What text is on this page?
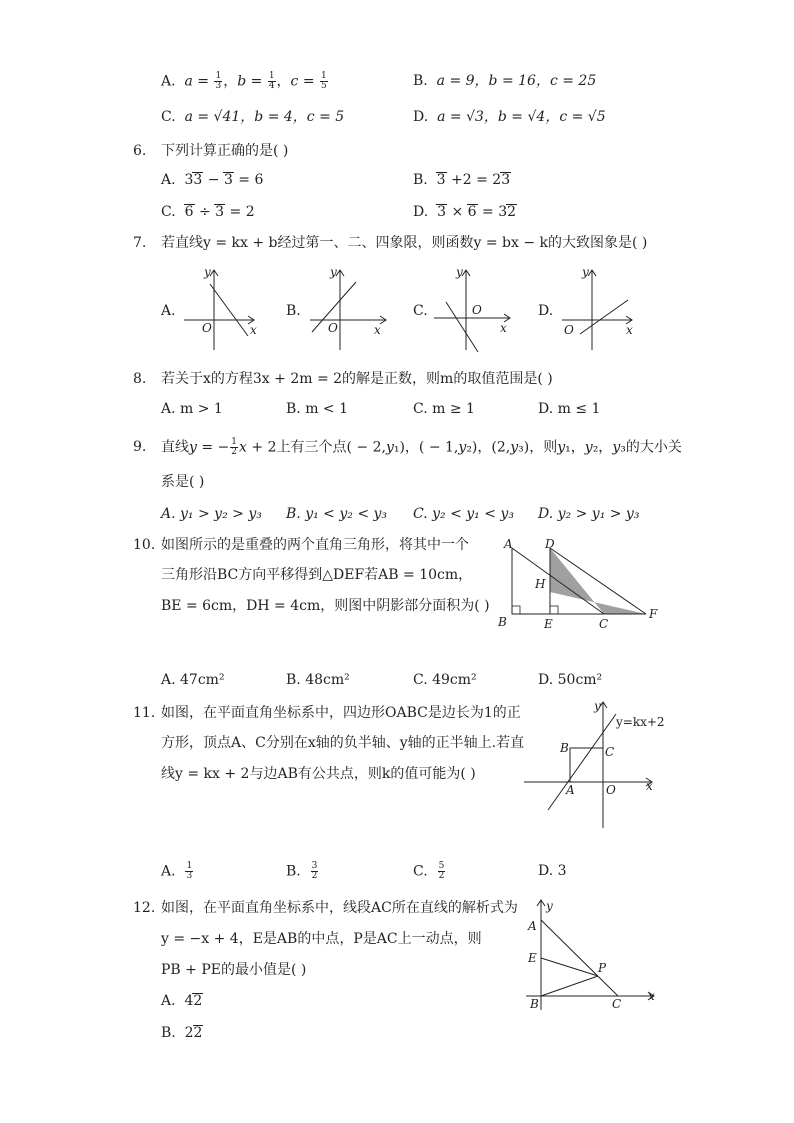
A. $a = \frac{1}{3}$ ，$b = \frac{1}{4}$ ，$c = \frac{1}{5}$	B. a = 9，b = 16，c = 25
C. a = √41，b = 4，c = 5	D. a = √3，b = √4，c = √5
6. 下列计算正确的是( )
A.  33 − 3 = 6	B.  3 +2 = 23
C.  6 ÷ 3 = 2	D.  3 × 6 = 32
7. 若直线y = kx + b经过第一、二、四象限，则函数y = bx − k的大致图象是( )
A.
y
x
O
B.
y
x
O
C.
y
x
O	D.
y
x
O
8. 若关于x的方程3x + 2m = 2的解是正数，则m的取值范围是( )
A. m > 1	B. m < 1	C. m ≥ 1	D. m ≤ 1
9. 直线y = − $\frac{1}{2}$ x + 2上有三个点( − 2,y₁)，( − 1,y₂)，(2,y₃)，则y₁，y₂，y₃的大小关
系是( )
A. y₁ > y₂ > y₃ B. y₁ < y₂ < y₃ C. y₂ < y₁ < y₃ D. y₂ > y₁ > y₃
10. 如图所示的是重叠的两个直角三角形，将其中一个
三角形沿BC方向平移得到△DEF若AB = 10cm，
BE = 6cm，DH = 4cm，则图中阴影部分面积为( )
A	D
H
B	E	C
F
A. 47cm²	B. 48cm²	C. 49cm²	D. 50cm²
11. 如图，在平面直角坐标系中，四边形OABC是边长为1的正
方形，顶点A、C分别在x轴的负半轴、y轴的正半轴上.若直
线y = kx + 2与边AB有公共点，则k的值可能为( )
y
y=kx+2
B	C
A	O	x
A. $\frac{1}{3}$	B. $\frac{3}{2}$	C. $\frac{5}{2}$	D. 3
12. 如图，在平面直角坐标系中，线段AC所在直线的解析式为
y = −x + 4，E是AB的中点，P是AC上一动点，则
PB + PE的最小值是( )
A.  42
B.  22
y
A
E
P
B	C
x
